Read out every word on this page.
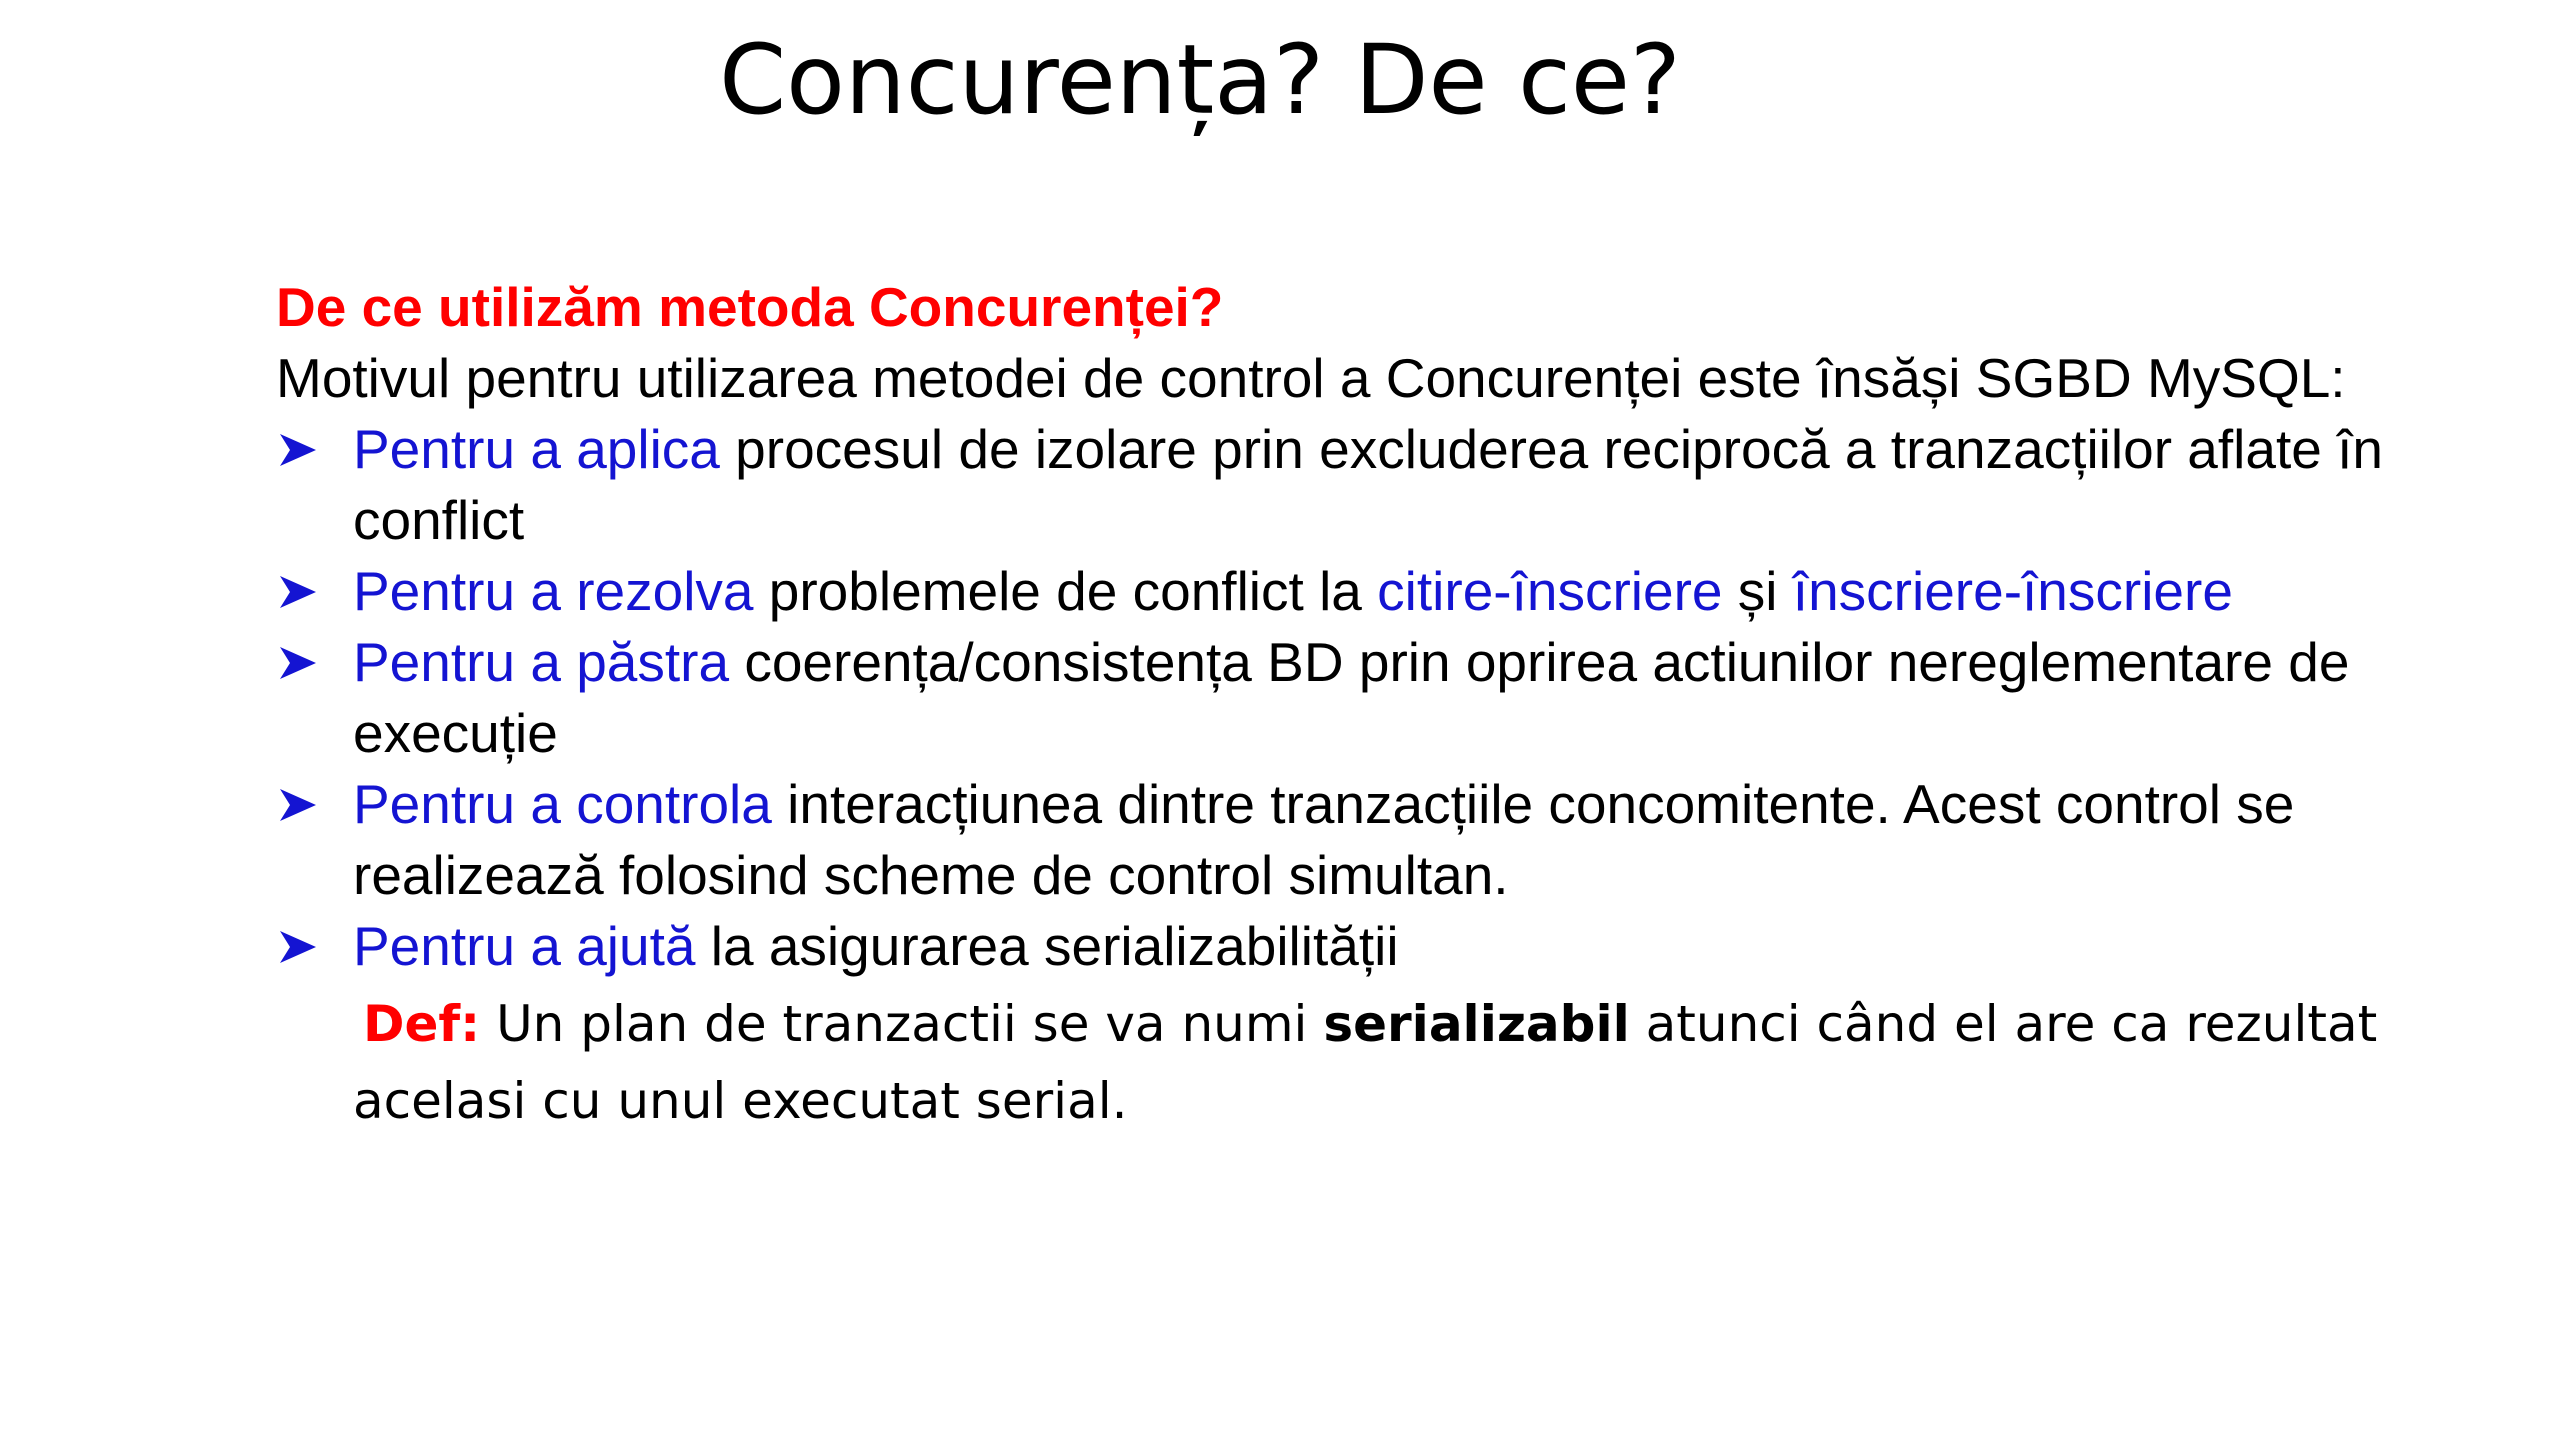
Concurența? De ce?

De ce utilizăm metoda Concurenței?

Motivul pentru utilizarea metodei de control a Concurenței este însăși SGBD MySQL:

Pentru a aplica procesul de izolare prin excluderea reciprocă a tranzacțiilor aflate în conflict
Pentru a rezolva problemele de conflict la citire-înscriere și înscriere-înscriere
Pentru a păstra coerența/consistența BD prin oprirea actiunilor nereglementare de execuție
Pentru a controla interacțiunea dintre tranzacțiile concomitente. Acest control se realizează folosind scheme de control simultan.
Pentru a ajută la asigurarea serializabilității
Def: Un plan de tranzactii se va numi serializabil atunci când el are ca rezultat acelasi cu unul executat serial.
